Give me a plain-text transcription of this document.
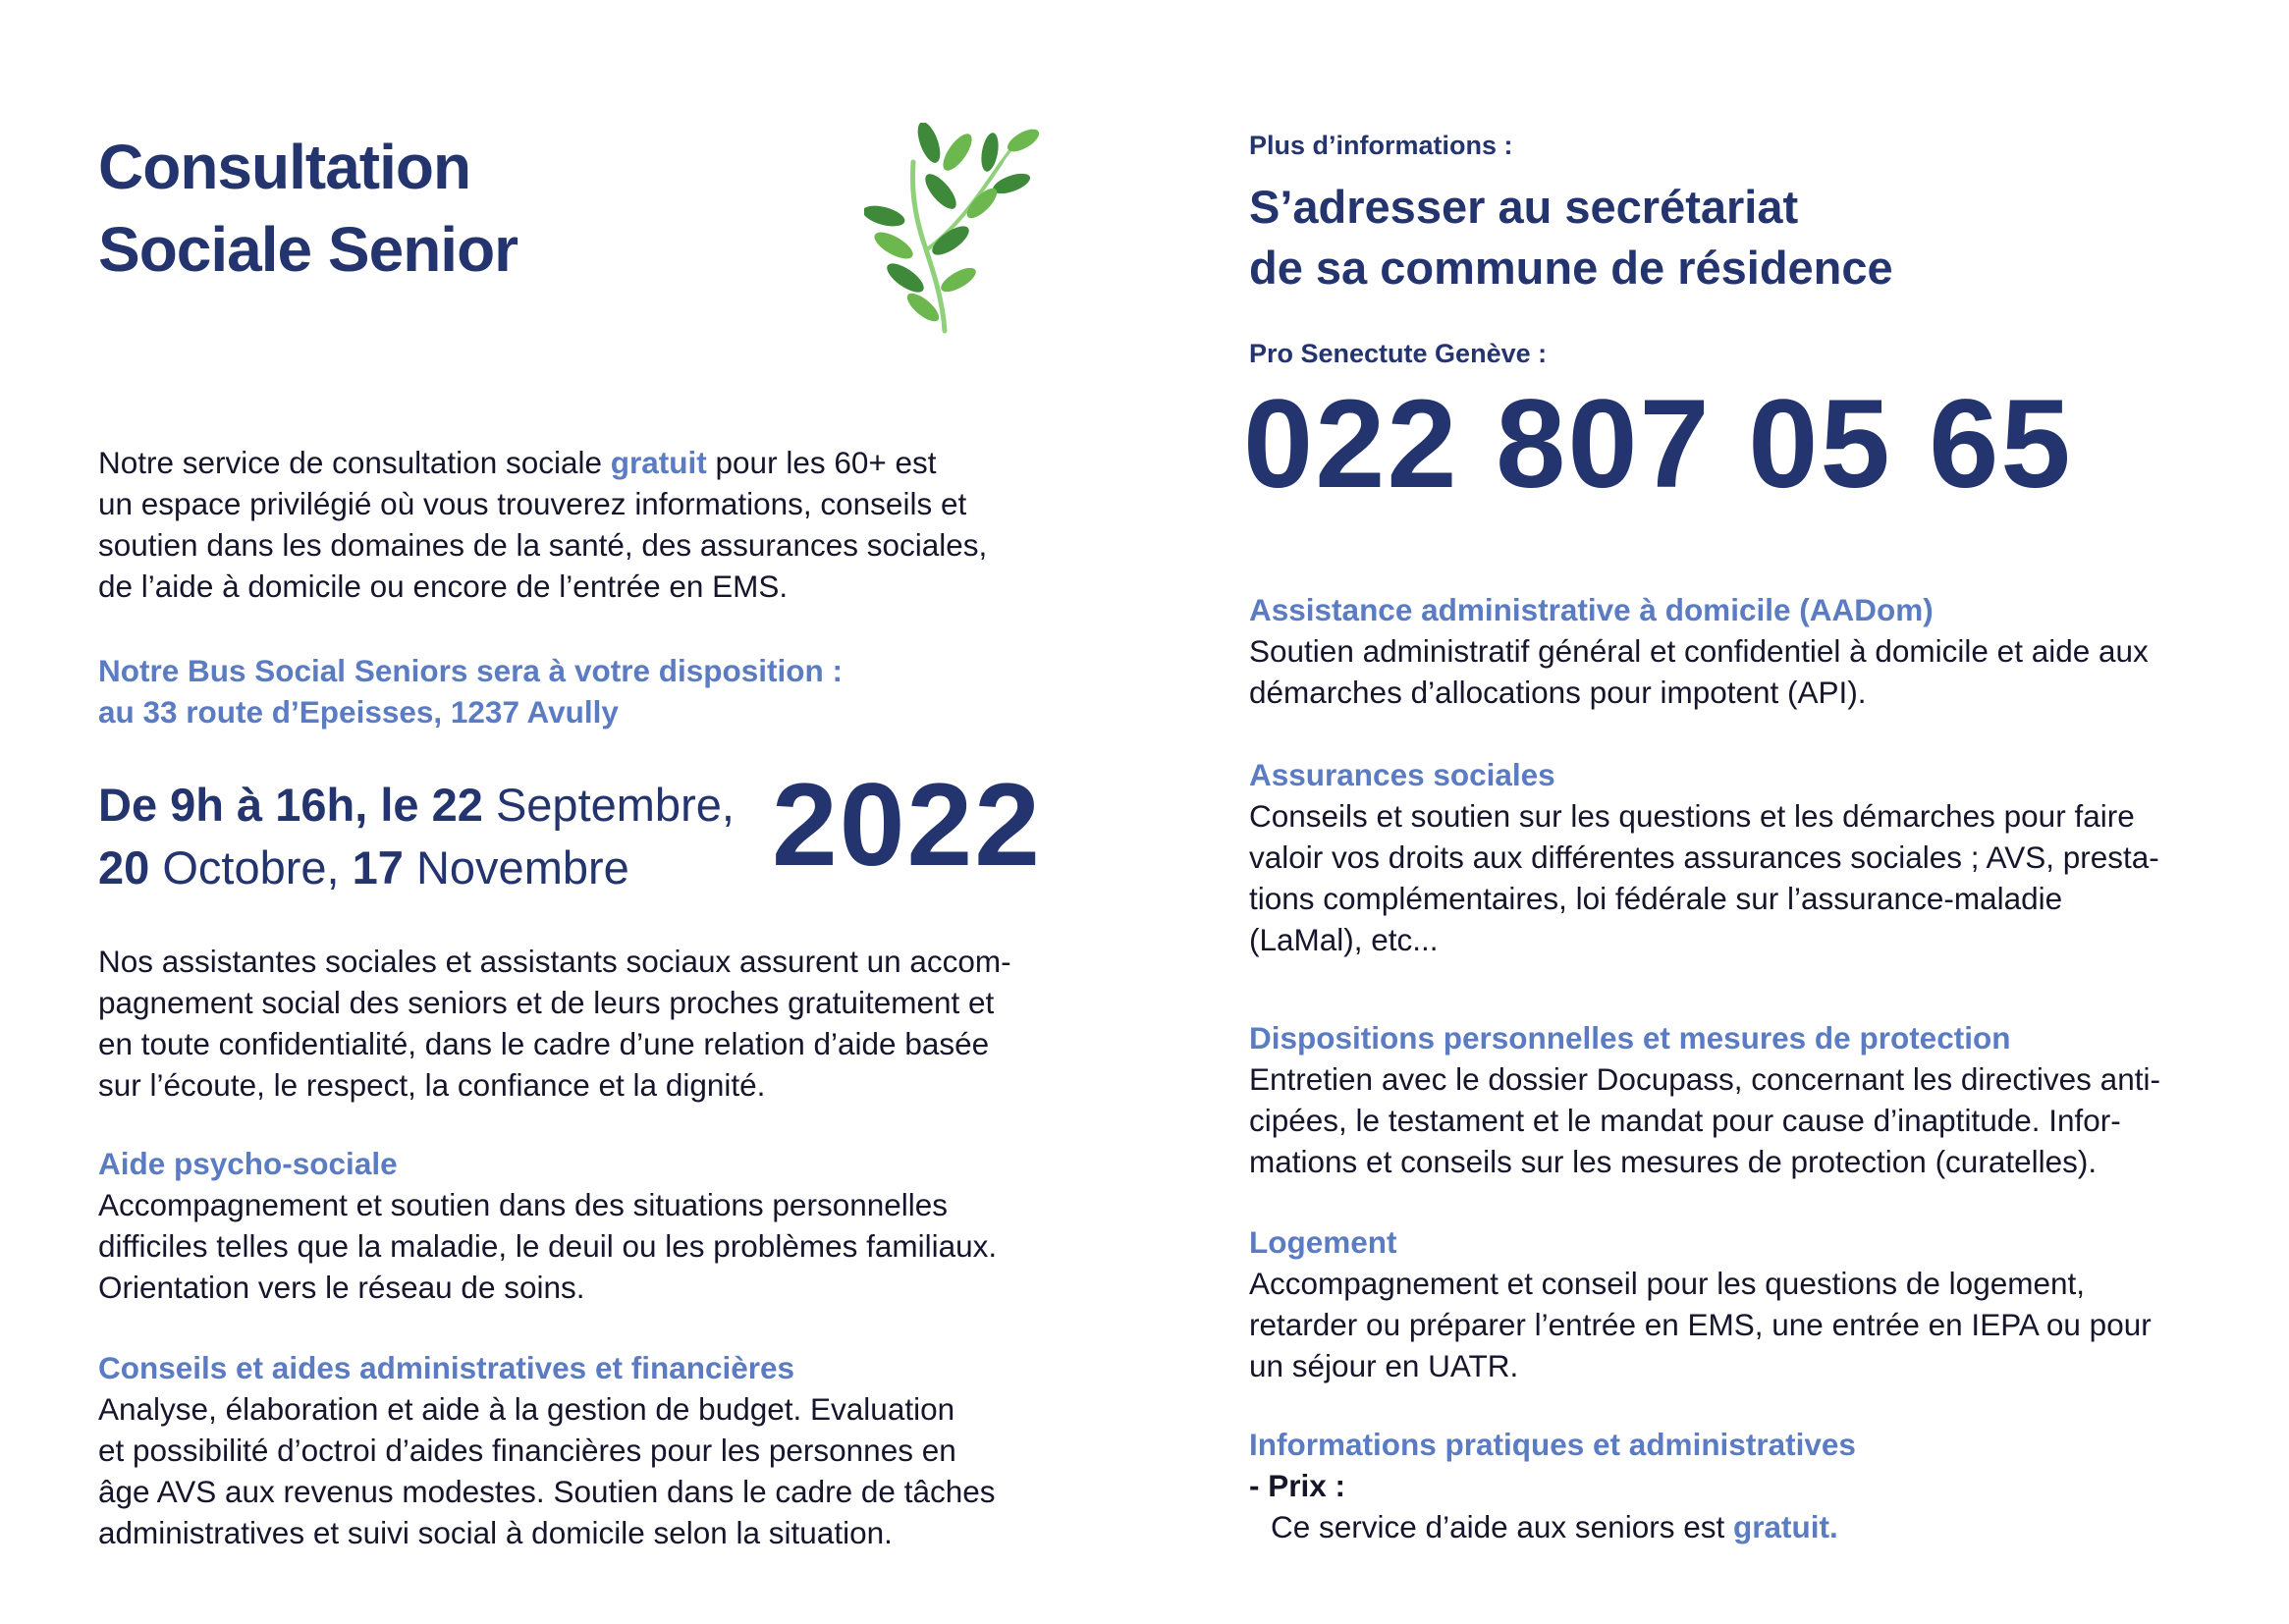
Consultation
Sociale Senior
Notre service de consultation sociale gratuit pour les 60+ est
un espace privilégié où vous trouverez informations, conseils et
soutien dans les domaines de la santé, des assurances sociales,
de l’aide à domicile ou encore de l’entrée en EMS.
Notre Bus Social Seniors sera à votre disposition :
au 33 route d’Epeisses, 1237 Avully
De 9h à 16h, le 22 Septembre,
20 Octobre, 17 Novembre	2022
Nos assistantes sociales et assistants sociaux assurent un accom-
pagnement social des seniors et de leurs proches gratuitement et
en toute confidentialité, dans le cadre d’une relation d’aide basée
sur l’écoute, le respect, la confiance et la dignité.
Aide psycho-sociale
Accompagnement et soutien dans des situations personnelles
difficiles telles que la maladie, le deuil ou les problèmes familiaux.
Orientation vers le réseau de soins.
Conseils et aides administratives et financières
Analyse, élaboration et aide à la gestion de budget. Evaluation
et possibilité d’octroi d’aides financières pour les personnes en
âge AVS aux revenus modestes. Soutien dans le cadre de tâches
administratives et suivi social à domicile selon la situation.
Plus d’informations :
S’adresser au secrétariat
de sa commune de résidence
Pro Senectute Genève :
022 807 05 65
Assistance administrative à domicile (AADom)
Soutien administratif général et confidentiel à domicile et aide aux
démarches d’allocations pour impotent (API).
Assurances sociales
Conseils et soutien sur les questions et les démarches pour faire
valoir vos droits aux différentes assurances sociales ; AVS, presta-
tions complémentaires, loi fédérale sur l’assurance-maladie
(LaMal), etc...
Dispositions personnelles et mesures de protection
Entretien avec le dossier Docupass, concernant les directives anti-
cipées, le testament et le mandat pour cause d’inaptitude. Infor-
mations et conseils sur les mesures de protection (curatelles).
Logement
Accompagnement et conseil pour les questions de logement,
retarder ou préparer l’entrée en EMS, une entrée en IEPA ou pour
un séjour en UATR.
Informations pratiques et administratives
- Prix :
Ce service d’aide aux seniors est gratuit.
